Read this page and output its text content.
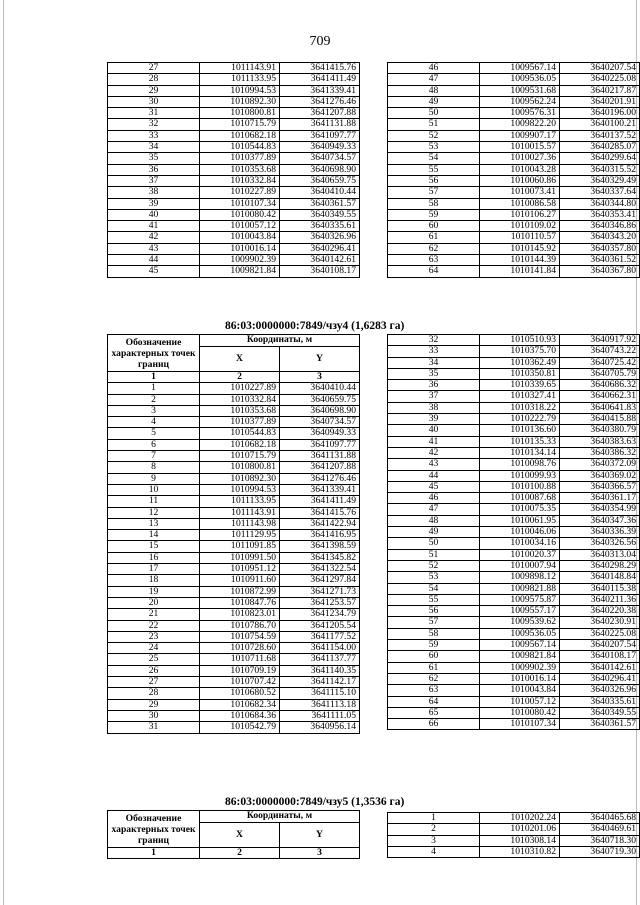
709
27	1011143.91	3641415.76
28	1011133.95	3641411.49
29	1010994.53	3641339.41
30	1010892.30	3641276.46
31	1010800.81	3641207.88
32	1010715.79	3641131.88
33	1010682.18	3641097.77
34	1010544.83	3640949.33
35	1010377.89	3640734.57
36	1010353.68	3640698.90
37	1010332.84	3640659.75
38	1010227.89	3640410.44
39	1010107.34	3640361.57
40	1010080.42	3640349.55
41	1010057.12	3640335.61
42	1010043.84	3640326.96
43	1010016.14	3640296.41
44	1009902.39	3640142.61
45	1009821.84	3640108.17
46	1009567.14	3640207.54
47	1009536.05	3640225.08
48	1009531.68	3640217.87
49	1009562.24	3640201.91
50	1009576.31	3640196.00
51	1009822.20	3640100.21
52	1009907.17	3640137.52
53	1010015.57	3640285.07
54	1010027.36	3640299.64
55	1010043.28	3640315.52
56	1010060.86	3640329.49
57	1010073.41	3640337.64
58	1010086.58	3640344.80
59	1010106.27	3640353.41
60	1010109.02	3640346.86
61	1010110.57	3640343.20
62	1010145.92	3640357.80
63	1010144.39	3640361.52
64	1010141.84	3640367.80
86:03:0000000:7849/чзу4 (1,6283 га)
Обозначение характерных точек границ	Координаты, м	
	X	Y
1	2	3
1	1010227.89	3640410.44
2	1010332.84	3640659.75
3	1010353.68	3640698.90
4	1010377.89	3640734.57
5	1010544.83	3640949.33
6	1010682.18	3641097.77
7	1010715.79	3641131.88
8	1010800.81	3641207.88
9	1010892.30	3641276.46
10	1010994.53	3641339.41
11	1011133.95	3641411.49
12	1011143.91	3641415.76
13	1011143.98	3641422.94
14	1011129.95	3641416.95
15	1011091.85	3641398.59
16	1010991.50	3641345.82
17	1010951.12	3641322.54
18	1010911.60	3641297.84
19	1010872.99	3641271.73
20	1010847.76	3641253.57
21	1010823.01	3641234.79
22	1010786.70	3641205.54
23	1010754.59	3641177.52
24	1010728.60	3641154.00
25	1010711.68	3641137.77
26	1010709.19	3641140.35
27	1010707.42	3641142.17
28	1010680.52	3641115.10
29	1010682.34	3641113.18
30	1010684.36	3641111.05
31	1010542.79	3640956.14
32	1010510.93	3640917.92
33	1010375.70	3640743.22
34	1010362.49	3640725.42
35	1010350.81	3640705.79
36	1010339.65	3640686.32
37	1010327.41	3640662.31
38	1010318.22	3640641.83
39	1010222.79	3640415.88
40	1010136.60	3640380.79
41	1010135.33	3640383.63
42	1010134.14	3640386.32
43	1010098.76	3640372.09
44	1010099.93	3640369.02
45	1010100.88	3640366.57
46	1010087.68	3640361.17
47	1010075.35	3640354.99
48	1010061.95	3640347.36
49	1010046.06	3640336.39
50	1010034.16	3640326.56
51	1010020.37	3640313.04
52	1010007.94	3640298.29
53	1009898.12	3640148.84
54	1009821.88	3640115.38
55	1009575.87	3640211.36
56	1009557.17	3640220.38
57	1009539.62	3640230.91
58	1009536.05	3640225.08
59	1009567.14	3640207.54
60	1009821.84	3640108.17
61	1009902.39	3640142.61
62	1010016.14	3640296.41
63	1010043.84	3640326.96
64	1010057.12	3640335.61
65	1010080.42	3640349.55
66	1010107.34	3640361.57
86:03:0000000:7849/чзу5 (1,3536 га)
Обозначение характерных точек границ	Координаты, м	
	X	Y
1	2	3
1	1010202.24	3640465.68
2	1010201.06	3640469.61
3	1010308.14	3640718.30
4	1010310.82	3640719.30
